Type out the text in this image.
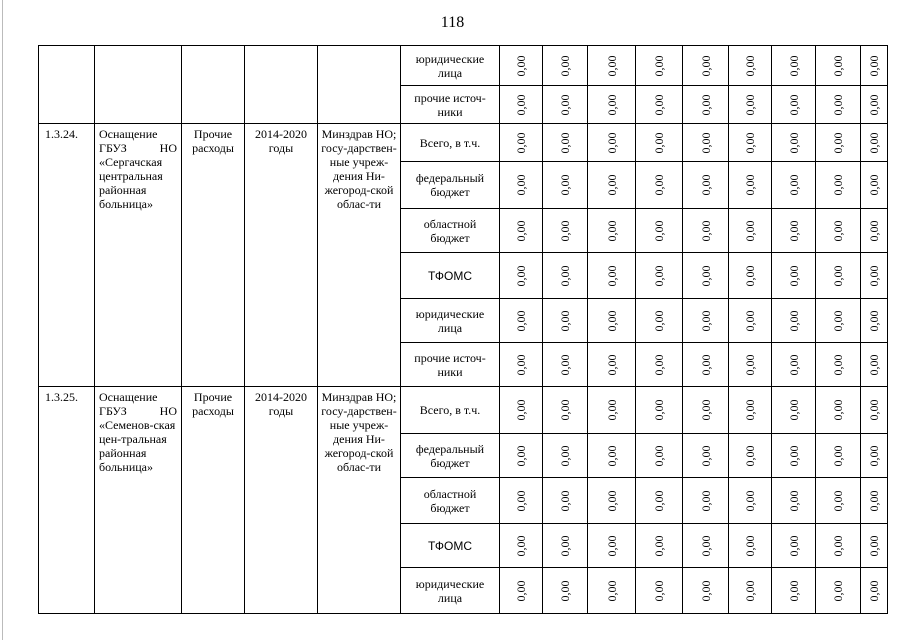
118
					юридические лица	0,00	0,00	0,00	0,00	0,00	0,00	0,00	0,00	0,00

					прочие источ-ники	0,00	0,00	0,00	0,00	0,00	0,00	0,00	0,00	0,00

1.3.24.	Оснащение ГБУЗ НО «Сергачская центральная районная больница»	Прочие расходы	2014-2020 годы	Минздрав НО; госу-дарствен-ные учреж-дения Ни-жегород-ской облас-ти	Всего, в т.ч.	0,00	0,00	0,00	0,00	0,00	0,00	0,00	0,00	0,00

					федеральный бюджет	0,00	0,00	0,00	0,00	0,00	0,00	0,00	0,00	0,00

					областной бюджет	0,00	0,00	0,00	0,00	0,00	0,00	0,00	0,00	0,00

					ТФОМС	0,00	0,00	0,00	0,00	0,00	0,00	0,00	0,00	0,00

					юридические лица	0,00	0,00	0,00	0,00	0,00	0,00	0,00	0,00	0,00

					прочие источ-ники	0,00	0,00	0,00	0,00	0,00	0,00	0,00	0,00	0,00

1.3.25.	Оснащение ГБУЗ НО «Семенов-ская цен-тральная районная больница»	Прочие расходы	2014-2020 годы	Минздрав НО; госу-дарствен-ные учреж-дения Ни-жегород-ской облас-ти	Всего, в т.ч.	0,00	0,00	0,00	0,00	0,00	0,00	0,00	0,00	0,00

					федеральный бюджет	0,00	0,00	0,00	0,00	0,00	0,00	0,00	0,00	0,00

					областной бюджет	0,00	0,00	0,00	0,00	0,00	0,00	0,00	0,00	0,00

					ТФОМС	0,00	0,00	0,00	0,00	0,00	0,00	0,00	0,00	0,00

					юридические лица	0,00	0,00	0,00	0,00	0,00	0,00	0,00	0,00	0,00
